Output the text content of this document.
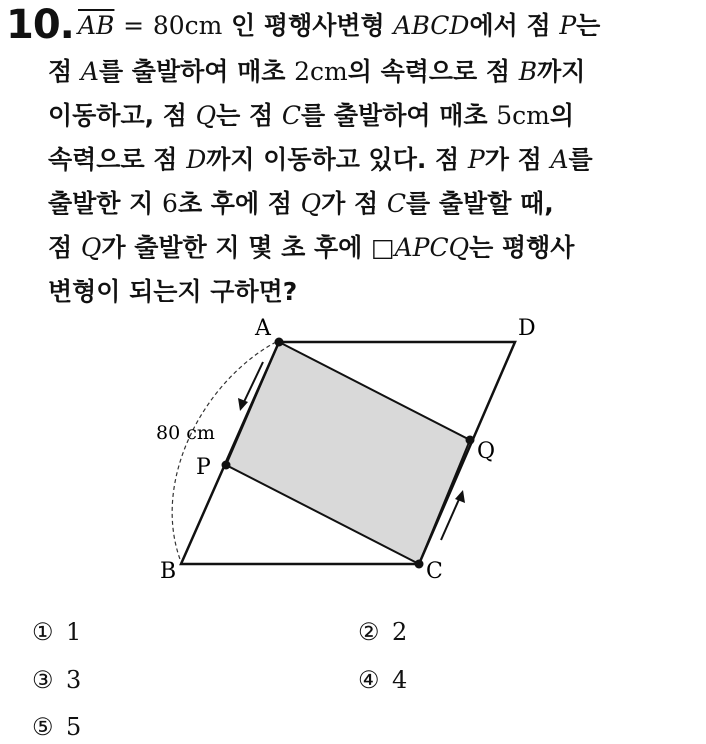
10. $\overline{AB} = 80cm$ 인 평행사변형 ABCD에서 점 P는
점 A를 출발하여 매초 2cm의 속력으로 점 B까지
이동하고, 점 Q는 점 C를 출발하여 매초 5cm의
속력으로 점 D까지 이동하고 있다. 점 P가 점 A를
출발한 지 6초 후에 점 Q가 점 C를 출발할 때,
점 Q가 출발한 지 몇 초 후에 □APCQ는 평행사
변형이 되는지 구하면?
A	D
B	C
P
Q
80 cm
① 1	② 2
③ 3	④ 4
⑤ 5
